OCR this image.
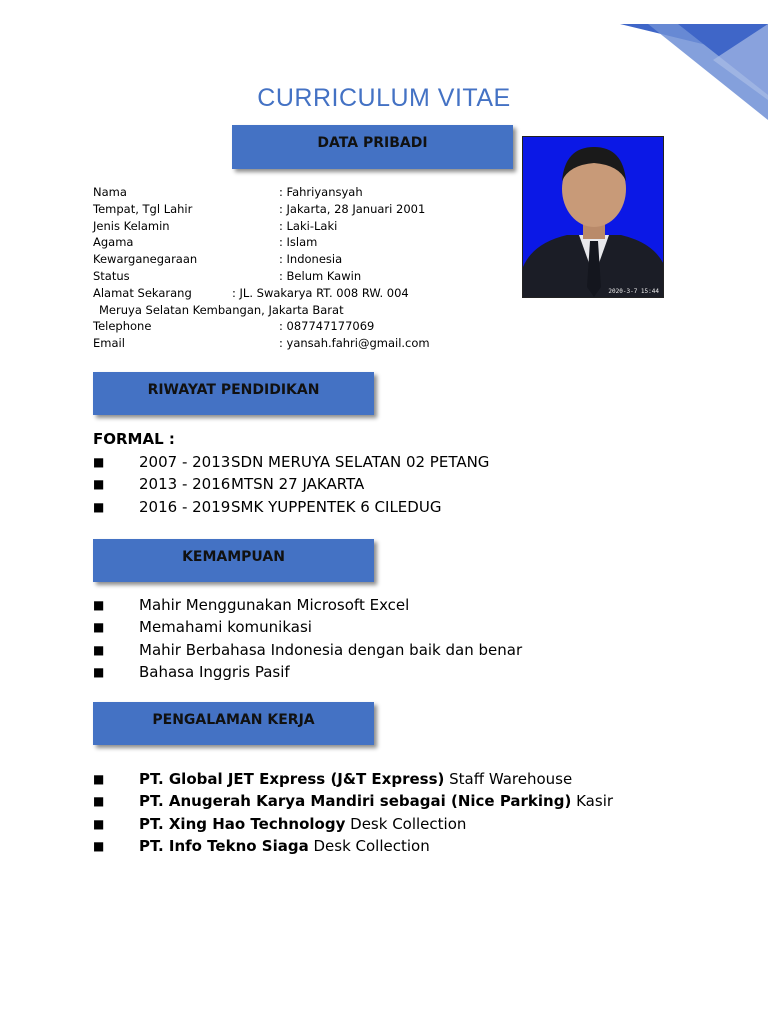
CURRICULUM VITAE
DATA PRIBADI
2020-3-7 15:44
Nama	: Fahriyansyah
Tempat, Tgl Lahir	: Jakarta, 28 Januari 2001
Jenis Kelamin	: Laki-Laki
Agama	: Islam
Kewarganegaraan	: Indonesia
Status	: Belum Kawin
Alamat Sekarang	: JL. Swakarya RT. 008 RW. 004
Meruya Selatan Kembangan, Jakarta Barat
Telephone	: 087747177069
Email	: yansah.fahri@gmail.com
RIWAYAT PENDIDIKAN
FORMAL :
■ 2007 - 2013SDN MERUYA SELATAN 02 PETANG
■ 2013 - 2016MTSN 27 JAKARTA
■ 2016 - 2019SMK YUPPENTEK 6 CILEDUG
KEMAMPUAN
■ Mahir Menggunakan Microsoft Excel
■ Memahami komunikasi
■ Mahir Berbahasa Indonesia dengan baik dan benar
■ Bahasa Inggris Pasif
PENGALAMAN KERJA
■ PT. Global JET Express (J&T Express) Staff Warehouse
■ PT. Anugerah Karya Mandiri sebagai (Nice Parking) Kasir
■ PT. Xing Hao Technology Desk Collection
■ PT. Info Tekno Siaga Desk Collection
